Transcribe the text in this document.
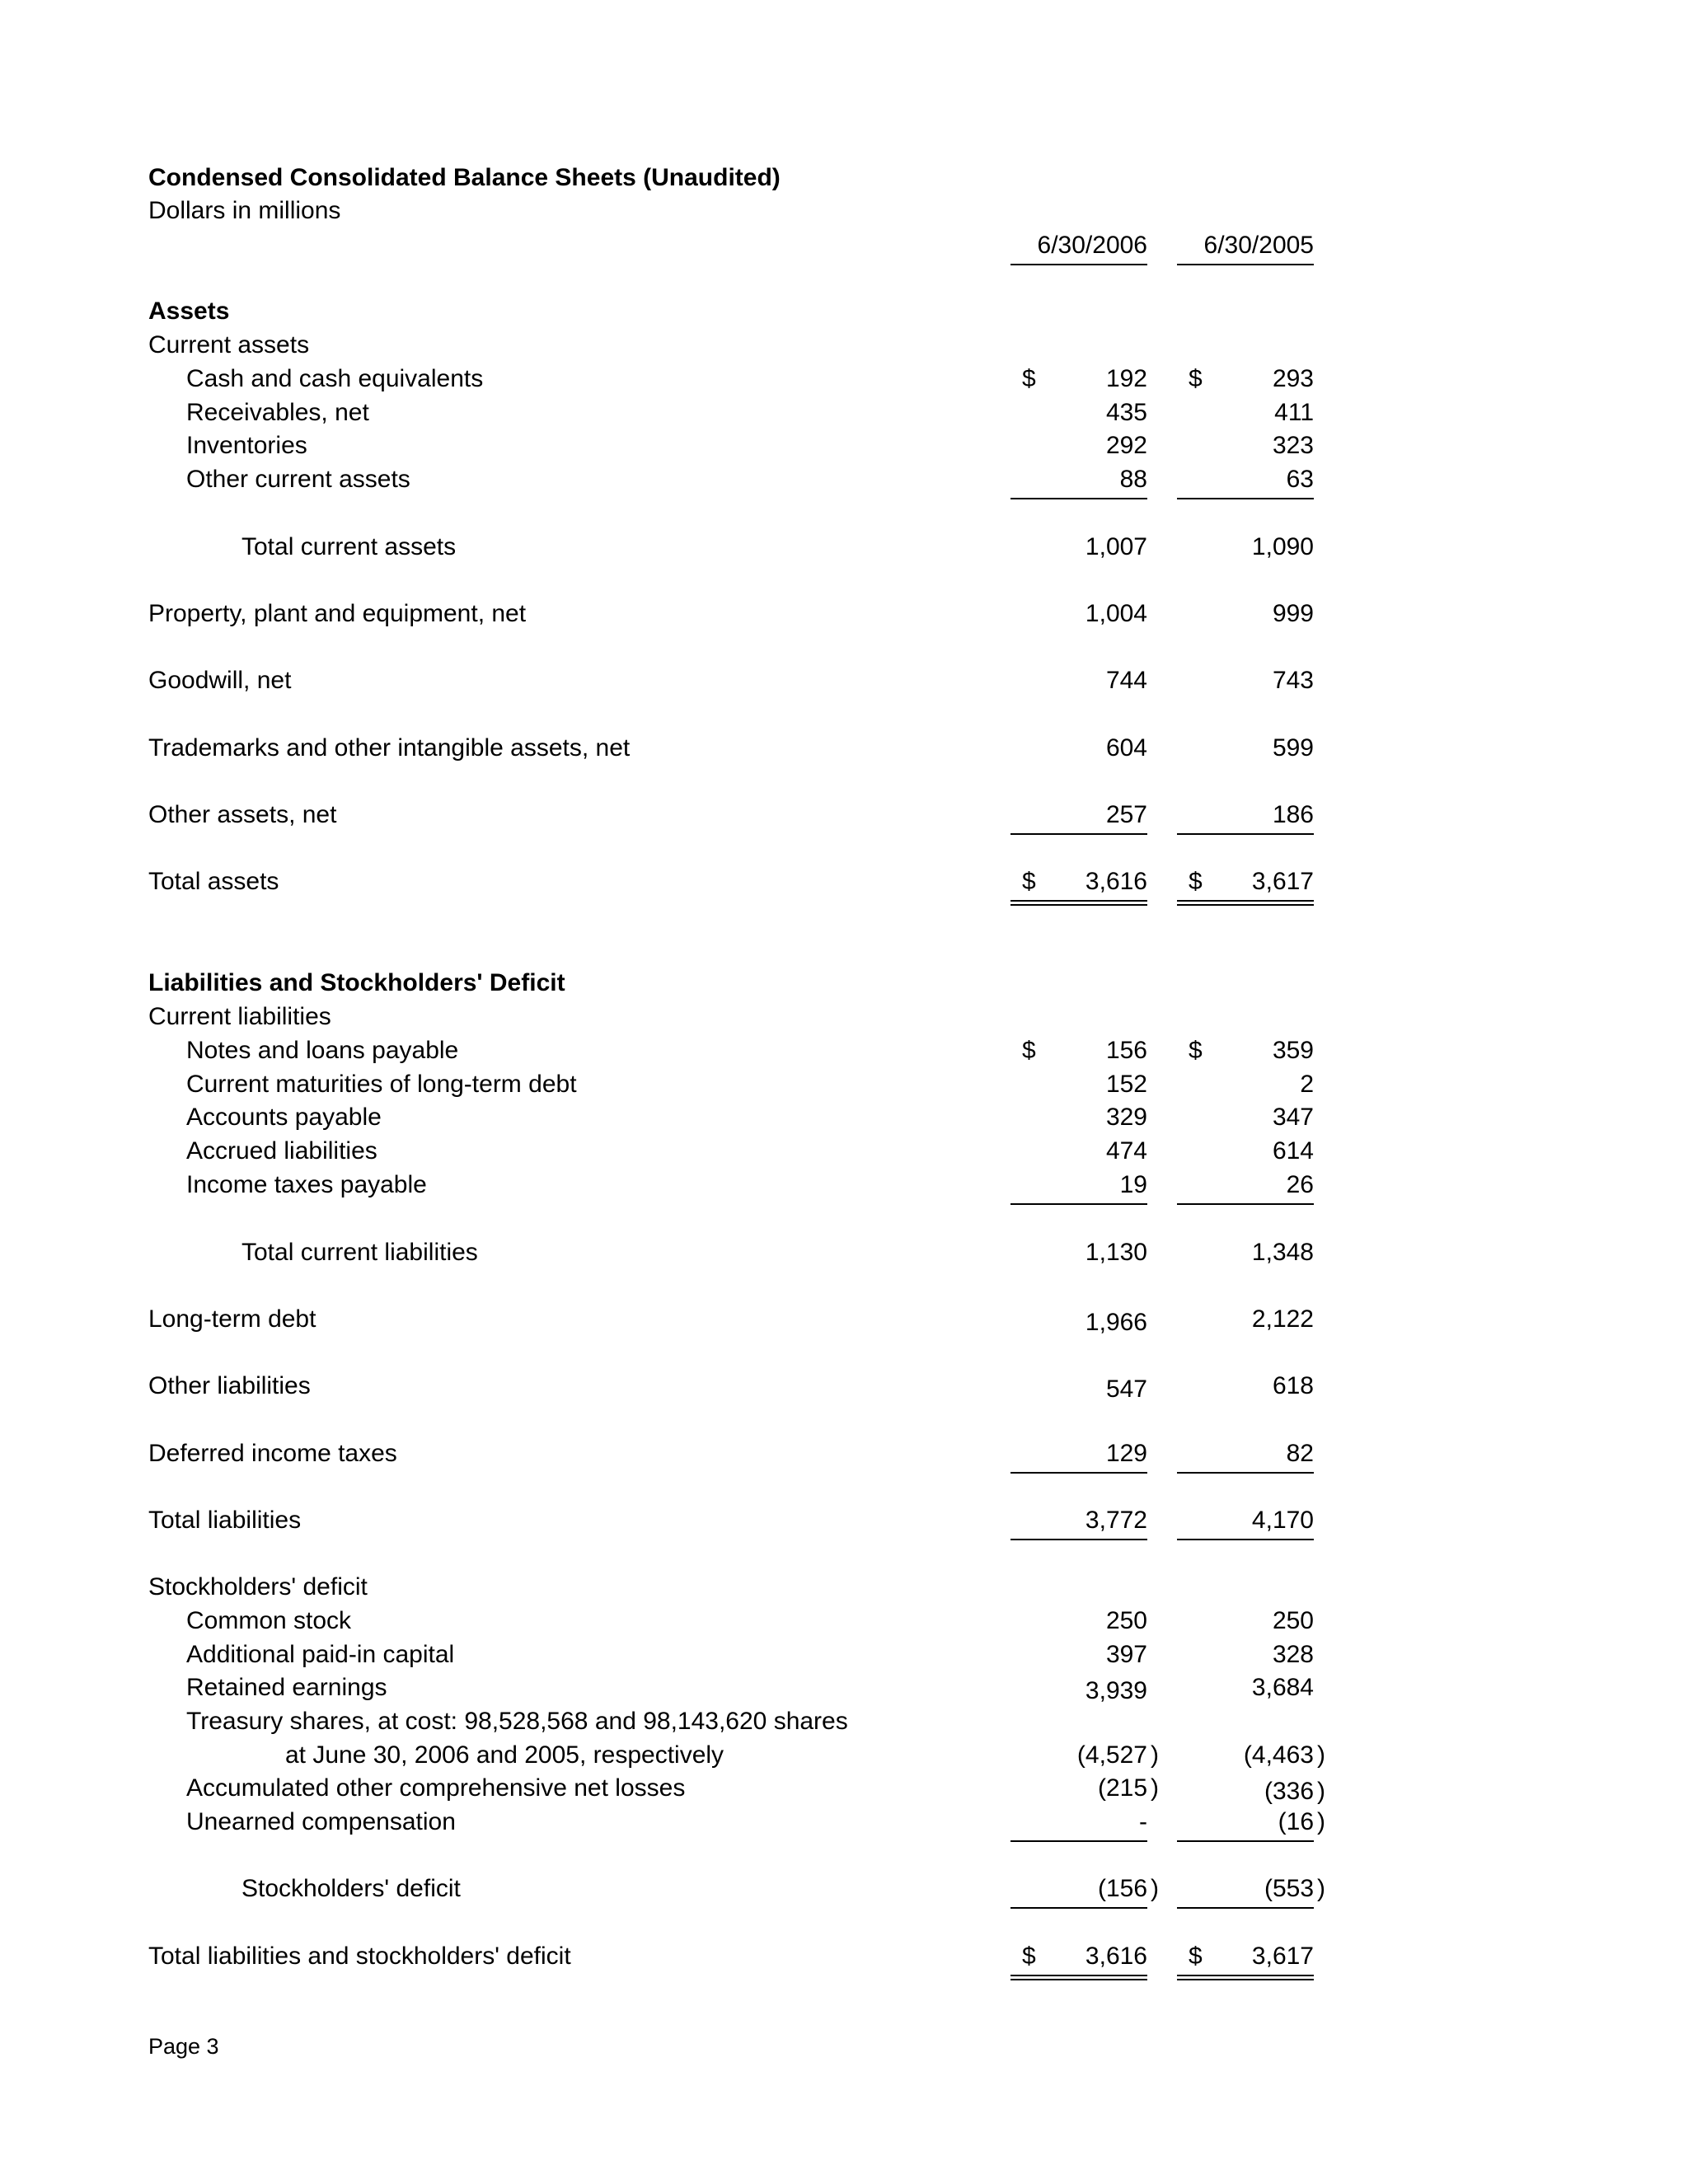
Condensed Consolidated Balance Sheets (Unaudited)
Dollars in millions
6/30/2006 6/30/2005
Assets
Current assets
Cash and cash equivalents	$	192 $	293
Receivables, net	435	411
Inventories	292	323
Other current assets	88	63
Total current assets	1,007	1,090
Property, plant and equipment, net	1,004	999
Goodwill, net	744	743
Trademarks and other intangible assets, net	604	599
Other assets, net	257	186
Total assets	$ 3,616 $ 3,617
Liabilities and Stockholders' Deficit
Current liabilities
Notes and loans payable	$	156 $	359
Current maturities of long-term debt	152	2
Accounts payable	329	347
Accrued liabilities	474	614
Income taxes payable	19	26
Total current liabilities	1,130	1,348
Long-term debt	1,966	2,122
Other liabilities	547	618
Deferred income taxes	129	82
Total liabilities	3,772	4,170
Stockholders' deficit
Common stock	250	250
Additional paid-in capital	397	328
Retained earnings	3,939	3,684
Treasury shares, at cost: 98,528,568 and 98,143,620 shares
at June 30, 2006 and 2005, respectively	(4,527 )	(4,463 )
Accumulated other comprehensive net losses	(215 )	(336 )
Unearned compensation	-	(16 )
Stockholders' deficit	(156 )	(553 )
Total liabilities and stockholders' deficit	$ 3,616 $ 3,617
Page 3
